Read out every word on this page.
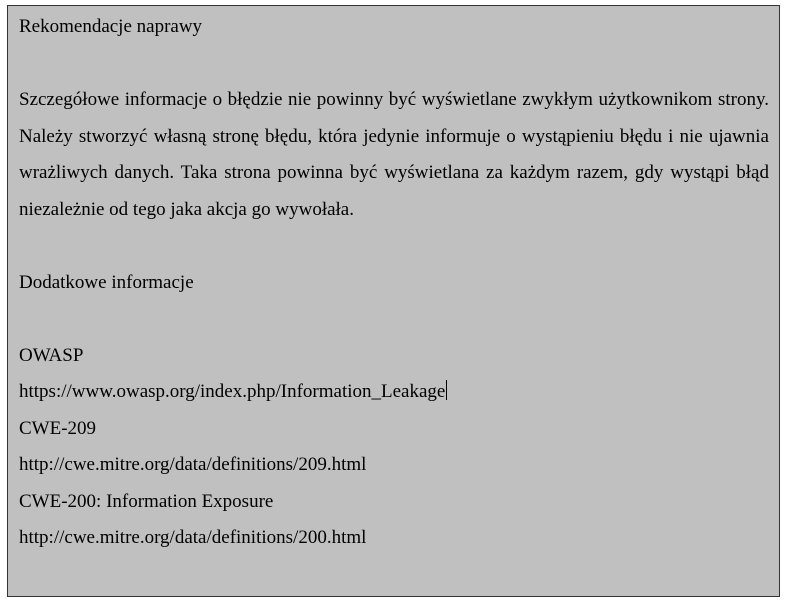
Rekomendacje naprawy

Szczegółowe informacje o błędzie nie powinny być wyświetlane zwykłym użytkownikom strony. Należy stworzyć własną stronę błędu, która jedynie informuje o wystąpieniu błędu i nie ujawnia wrażliwych danych. Taka strona powinna być wyświetlana za każdym razem, gdy wystąpi błąd niezależnie od tego jaka akcja go wywołała.

Dodatkowe informacje
OWASP
https://www.owasp.org/index.php/Information_Leakage
CWE-209
http://cwe.mitre.org/data/definitions/209.html
CWE-200: Information Exposure
http://cwe.mitre.org/data/definitions/200.html
